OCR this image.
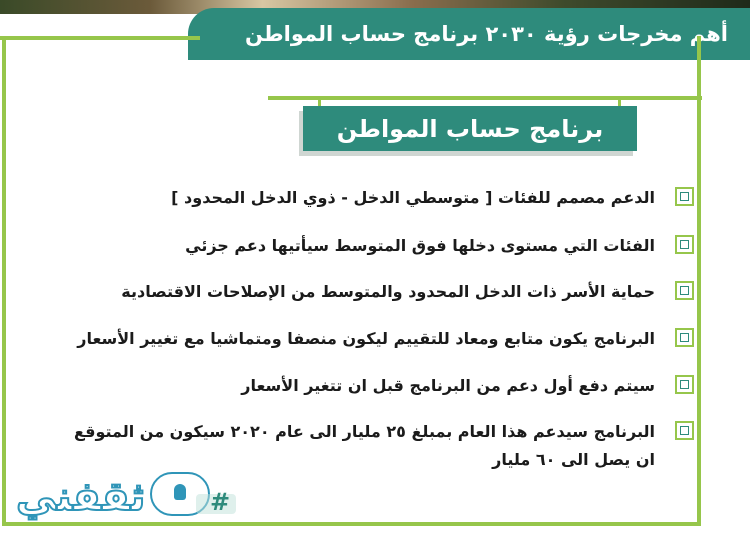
أهم مخرجات رؤية ٢٠٣٠ برنامج حساب المواطن
برنامج حساب المواطن
الدعم مصمم للفئات [ متوسطي الدخل - ذوي الدخل المحدود ]
الفئات التي مستوى دخلها فوق المتوسط سيأتيها دعم جزئي
حماية الأسر ذات الدخل المحدود والمتوسط من الإصلاحات الاقتصادية
البرنامج يكون متابع ومعاد للتقييم ليكون منصفا ومتماشيا مع تغيير الأسعار
سيتم دفع أول دعم من البرنامج قبل ان تتغير الأسعار
البرنامج سيدعم هذا العام بمبلغ ٢٥ مليار الى عام ٢٠٢٠ سيكون من المتوقع ان يصل الى ٦٠ مليار
ثقفني	#
